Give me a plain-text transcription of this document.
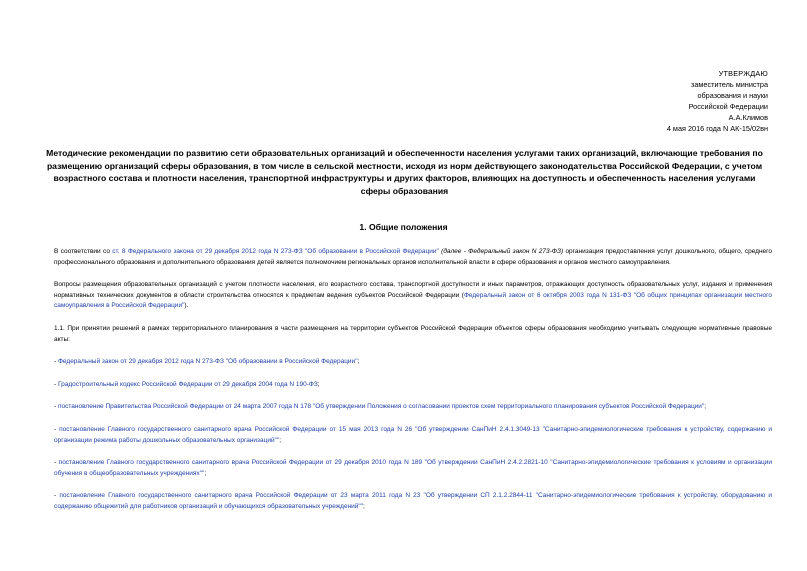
УТВЕРЖДАЮ
заместитель министра
образования и науки
Российской Федерации
А.А.Климов
4 мая 2016 года N АК-15/02вн
Методические рекомендации по развитию сети образовательных организаций и обеспеченности населения услугами таких организаций, включающие требования по размещению организаций сферы образования, в том числе в сельской местности, исходя из норм действующего законодательства Российской Федерации, с учетом возрастного состава и плотности населения, транспортной инфраструктуры и других факторов, влияющих на доступность и обеспеченность населения услугами сферы образования
1. Общие положения

В соответствии со ст. 8 Федерального закона от 29 декабря 2012 года N 273-ФЗ "Об образовании в Российской Федерации" (далее - Федеральный закон N 273-ФЗ) организация предоставления услуг дошкольного, общего, среднего профессионального образования и дополнительного образования детей является полномочием региональных органов исполнительной власти в сфере образования и органов местного самоуправления.

Вопросы размещения образовательных организаций с учетом плотности населения, его возрастного состава, транспортной доступности и иных параметров, отражающих доступность образовательных услуг, издания и применения нормативных технических документов в области строительства относятся к предметам ведения субъектов Российской Федерации (Федеральный закон от 6 октября 2003 года N 131-ФЗ "Об общих принципах организации местного самоуправления в Российской Федерации").

1.1. При принятии решений в рамках территориального планирования в части размещения на территории субъектов Российской Федерации объектов сферы образования необходимо учитывать следующие нормативные правовые акты:

- Федеральный закон от 29 декабря 2012 года N 273-ФЗ "Об образовании в Российской Федерации";

- Градостроительный кодекс Российской Федерации от 29 декабря 2004 года N 190-ФЗ;

- постановление Правительства Российской Федерации от 24 марта 2007 года N 178 "Об утверждении Положения о согласовании проектов схем территориального планирования субъектов Российской Федерации";

- постановление Главного государственного санитарного врача Российской Федерации от 15 мая 2013 года N 26 "Об утверждении СанПиН 2.4.1.3049-13 "Санитарно-эпидемиологические требования к устройству, содержанию и организации режима работы дошкольных образовательных организаций"";

- постановление Главного государственного санитарного врача Российской Федерации от 29 декабря 2010 года N 189 "Об утверждении СанПиН 2.4.2.2821-10 "Санитарно-эпидемиологические требования к условиям и организации обучения в общеобразовательных учреждениях"";

- постановление Главного государственного санитарного врача Российской Федерации от 23 марта 2011 года N 23 "Об утверждении СП 2.1.2.2844-11 "Санитарно-эпидемиологические требования к устройству, оборудованию и содержанию общежитий для работников организаций и обучающихся образовательных учреждений"";
